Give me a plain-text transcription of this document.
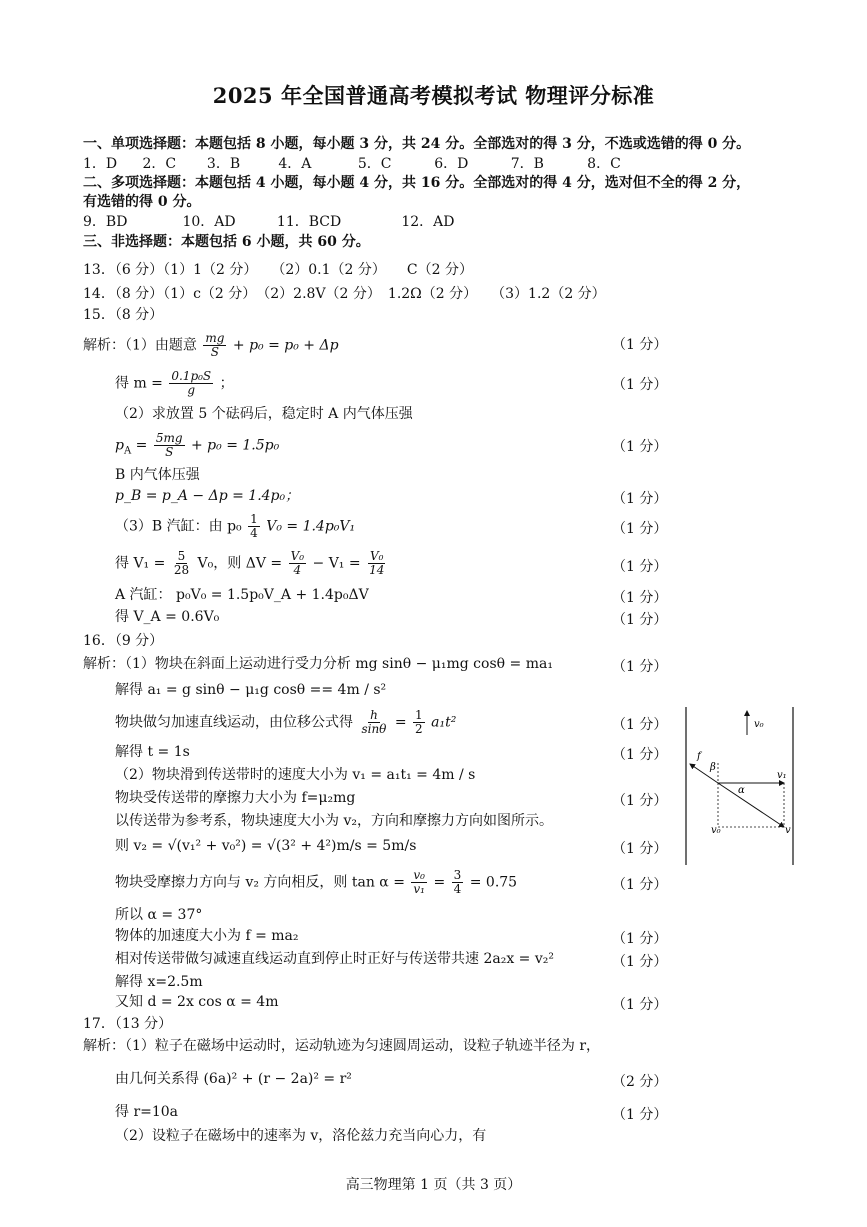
2025 年全国普通高考模拟考试 物理评分标准
一、单项选择题：本题包括 8 小题，每小题 3 分，共 24 分。全部选对的得 3 分，不选或选错的得 0 分。
1．D 2．C 3．B	4．A	5．C	6．D	7．B	8．C
二、多项选择题：本题包括 4 小题，每小题 4 分，共 16 分。全部选对的得 4 分，选对但不全的得 2 分，
有选错的得 0 分。
9．BD	10．AD	11．BCD	12．AD
三、非选择题：本题包括 6 小题，共 60 分。
13．（6 分）（1）1（2 分）　　（2）0.1（2 分）　　C（2 分）
14．（8 分）（1）c（2 分）　（2）2.8V（2 分）　1.2Ω（2 分）　　（3）1.2（2 分）
15．（8 分）
解析：（1）由题意 $\frac{mg}{S} + p_0 = p_0 + \Delta p$	（1 分）
得 $m = \frac{\text{0.1p₀S}}{g}$ ；	（1 分）
（2）求放置 5 个砝码后，稳定时 A 内气体压强
$p_A = \frac{5mg}{S} + p_0 = 1.5p_0$	（1 分）
B 内气体压强
p_B = p_A − Δp = 1.4p₀；	（1 分）
（3）B 汽缸：由 $p_0 \frac{1}{4} V_0 = 1.4p_0V_1$	（1 分）
得 $V_1 = \frac{5}{28} V_0$，则 $\Delta V = \frac{\text{V₀}}{4} - V_1 = \frac{\text{V₀}}{14}$	（1 分）
A 汽缸： p₀V₀ = 1.5p₀V_A + 1.4p₀ΔV	（1 分）
得 V_A = 0.6V₀	（1 分）
16．（9 分）
解析：（1）物块在斜面上运动进行受力分析 mg sinθ − μ₁mg cosθ = ma₁	（1 分）
解得 a₁ = g sinθ − μ₁g cosθ == 4m / s²
物块做匀加速直线运动，由位移公式得 $\frac{h}{\sin\theta} = \frac{1}{2} a_1t^2$	（1 分）
解得 t = 1s	（1 分）
（2）物块滑到传送带时的速度大小为 v₁ = a₁t₁ = 4m / s
物块受传送带的摩擦力大小为 f=μ₂mg	（1 分）
以传送带为参考系，物块速度大小为 v₂，方向和摩擦力方向如图所示。
则 v₂ = √(v₁² + v₀²) = √(3² + 4²)m/s = 5m/s	（1 分）
物块受摩擦力方向与 v₂ 方向相反，则 $\tan \alpha = \frac{\text{v₀}}{\text{v₁}} = \frac{3}{4} = 0.75$	（1 分）
所以 α = 37°
物体的加速度大小为 f = ma₂	（1 分）
相对传送带做匀减速直线运动直到停止时正好与传送带共速 2a₂x = v₂²	（1 分）
解得 x=2.5m
又知 d = 2x cos α = 4m	（1 分）
v₀
f
β
v₁
α
v₀	v
17．（13 分）
解析：（1）粒子在磁场中运动时，运动轨迹为匀速圆周运动，设粒子轨迹半径为 r，
由几何关系得 (6a)² + (r − 2a)² = r²	（2 分）
得 r=10a	（1 分）
（2）设粒子在磁场中的速率为 v，洛伦兹力充当向心力，有
高三物理第 1 页（共 3 页）
